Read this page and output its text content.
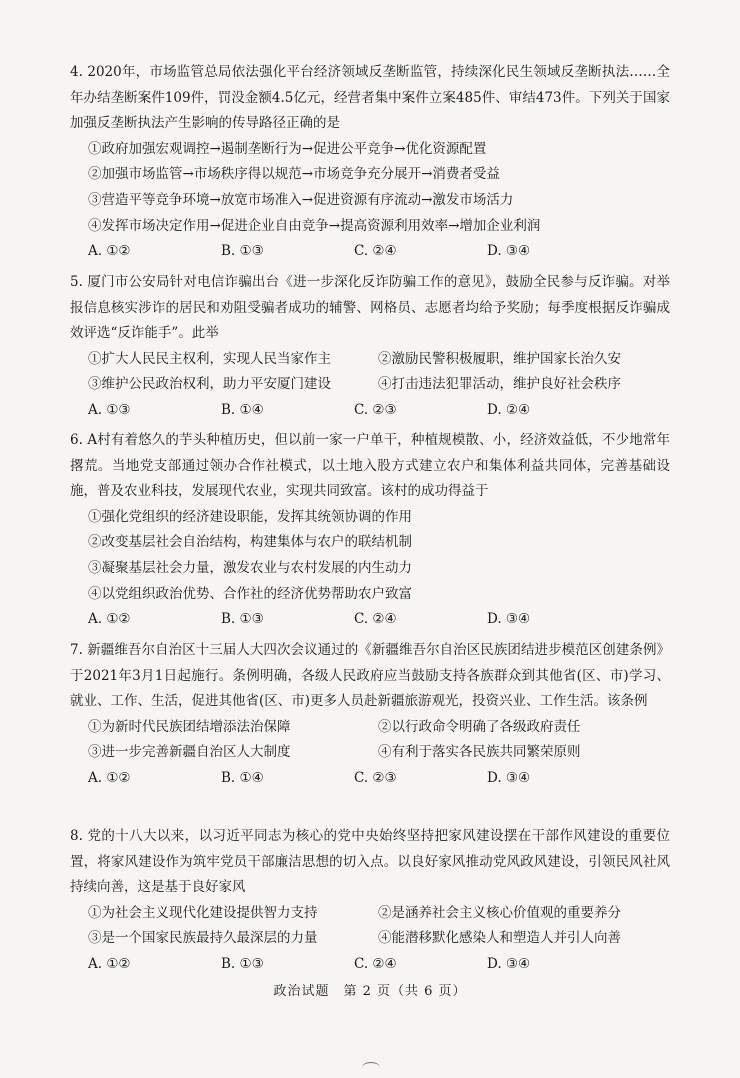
4. 2020年，市场监管总局依法强化平台经济领域反垄断监管，持续深化民生领域反垄断执法……全年办结垄断案件109件，罚没金额4.5亿元，经营者集中案件立案485件、审结473件。下列关于国家加强反垄断执法产生影响的传导路径正确的是

①政府加强宏观调控→遏制垄断行为→促进公平竞争→优化资源配置

②加强市场监管→市场秩序得以规范→市场竞争充分展开→消费者受益

③营造平等竞争环境→放宽市场准入→促进资源有序流动→激发市场活力

④发挥市场决定作用→促进企业自由竞争→提高资源利用效率→增加企业利润

A. ①②	B. ①③	C. ②④	D. ③④

5. 厦门市公安局针对电信诈骗出台《进一步深化反诈防骗工作的意见》，鼓励全民参与反诈骗。对举报信息核实涉诈的居民和劝阻受骗者成功的辅警、网格员、志愿者均给予奖励；每季度根据反诈骗成效评选“反诈能手”。此举

①扩大人民民主权利，实现人民当家作主	②激励民警积极履职，维护国家长治久安
③维护公民政治权利，助力平安厦门建设	④打击违法犯罪活动，维护良好社会秩序
A. ①③	B. ①④	C. ②③	D. ②④

6. A村有着悠久的芋头种植历史，但以前一家一户单干，种植规模散、小，经济效益低，不少地常年撂荒。当地党支部通过领办合作社模式，以土地入股方式建立农户和集体利益共同体，完善基础设施，普及农业科技，发展现代农业，实现共同致富。该村的成功得益于

①强化党组织的经济建设职能，发挥其统领协调的作用

②改变基层社会自治结构，构建集体与农户的联结机制

③凝聚基层社会力量，激发农业与农村发展的内生动力

④以党组织政治优势、合作社的经济优势帮助农户致富

A. ①②	B. ①③	C. ②④	D. ③④

7. 新疆维吾尔自治区十三届人大四次会议通过的《新疆维吾尔自治区民族团结进步模范区创建条例》于2021年3月1日起施行。条例明确，各级人民政府应当鼓励支持各族群众到其他省(区、市)学习、就业、工作、生活，促进其他省(区、市)更多人员赴新疆旅游观光，投资兴业、工作生活。该条例

①为新时代民族团结增添法治保障	②以行政命令明确了各级政府责任
③进一步完善新疆自治区人大制度	④有利于落实各民族共同繁荣原则
A. ①②	B. ①④	C. ②③	D. ③④

8. 党的十八大以来，以习近平同志为核心的党中央始终坚持把家风建设摆在干部作风建设的重要位置，将家风建设作为筑牢党员干部廉洁思想的切入点。以良好家风推动党风政风建设，引领民风社风持续向善，这是基于良好家风

①为社会主义现代化建设提供智力支持	②是涵养社会主义核心价值观的重要养分
③是一个国家民族最持久最深层的力量	④能潜移默化感染人和塑造人并引人向善
A. ①②	B. ①③	C. ②④	D. ③④
政治试题　第 2 页（共 6 页）
